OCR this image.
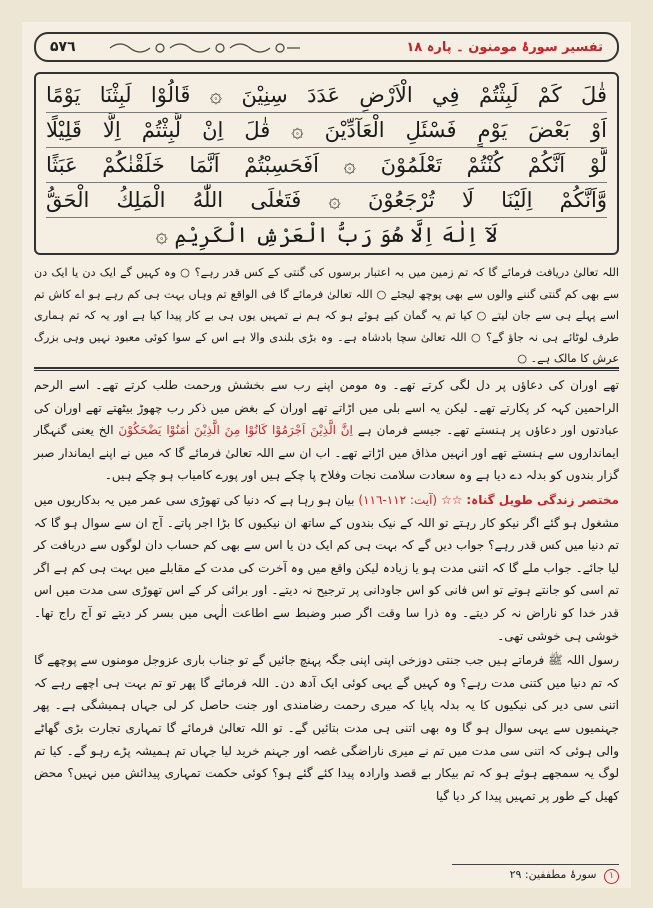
۵۷٦	تفسیر سورۂ مومنون ۔ پارہ ١٨
قٰلَ كَمْ لَبِثْتُمْ فِي الْاَرْضِ عَدَدَ سِنِيْنَ ۞ قَالُوْا لَبِثْنَا يَوْمًا
اَوْ بَعْضَ يَوْمٍ فَسْئَلِ الْعَآدِّيْنَ ۞ قٰلَ اِنْ لَّبِثْتُمْ اِلَّا قَلِيْلًا
لَّوْ اَنَّكُمْ كُنْتُمْ تَعْلَمُوْنَ ۞ اَفَحَسِبْتُمْ اَنَّمَا خَلَقْنٰكُمْ عَبَثًا
وَّاَنَّكُمْ اِلَيْنَا لَا تُرْجَعُوْنَ ۞ فَتَعٰلَى اللّٰهُ الْمَلِكُ الْحَقُّ
لَآ اِلٰهَ اِلَّا هُوَ رَبُّ الْعَرْشِ الْكَرِيْمِ ۞

اللہ تعالیٰ دریافت فرمائے گا کہ تم زمین میں بہ اعتبار برسوں کی گنتی کے کس قدر رہے؟ ○ وہ کہیں گے ایک دن یا ایک دن سے بھی کم گنتی گننے والوں سے بھی پوچھ لیجئے ○ اللہ تعالیٰ فرمائے گا فی الواقع تم وہاں بہت ہی کم رہے ہو اے کاش تم اسے پہلے ہی سے جان لیتے ○ کیا تم یہ گمان کیے ہوئے ہو کہ ہم نے تمہیں یوں ہی بے کار پیدا کیا ہے اور یہ کہ تم ہماری طرف لوٹائے ہی نہ جاؤ گے؟ ○ اللہ تعالیٰ سچا بادشاہ ہے۔ وہ بڑی بلندی والا ہے اس کے سوا کوئی معبود نہیں وہی بزرگ عرش کا مالک ہے۔ ○

تھے اوران کی دعاؤں پر دل لگی کرتے تھے۔ وہ مومن اپنے رب سے بخشش ورحمت طلب کرتے تھے۔ اسے الرحم الراحمین کہہ کر پکارتے تھے۔ لیکن یہ اسے بلی میں اڑاتے تھے اوران کے بغض میں ذکر رب چھوڑ بیٹھتے تھے اوران کی عبادتوں اور دعاؤں پر ہنستے تھے۔ جیسے فرمان ہے اِنَّ الَّذِيْنَ اَجْرَمُوْا كَانُوْا مِنَ الَّذِيْنَ اٰمَنُوْا يَضْحَكُوْنَ الخ یعنی گنہگار ایمانداروں سے ہنستے تھے اور انہیں مذاق میں اڑاتے تھے۔ اب ان سے اللہ تعالیٰ فرمائے گا کہ میں نے اپنے ایماندار صبر گزار بندوں کو بدلہ دے دیا ہے وہ سعادت سلامت نجات وفلاح پا چکے ہیں اور پورے کامیاب ہو چکے ہیں۔

مختصر زندگی طویل گناہ: ☆☆ (آیت: ١١٢-١١٦) بیان ہو رہا ہے کہ دنیا کی تھوڑی سی عمر میں یہ بدکاریوں میں مشغول ہو گئے اگر نیکو کار رہتے تو اللہ کے نیک بندوں کے ساتھ ان نیکیوں کا بڑا اجر پاتے۔ آج ان سے سوال ہو گا کہ تم دنیا میں کس قدر رہے؟ جواب دیں گے کہ بہت ہی کم ایک دن یا اس سے بھی کم حساب دان لوگوں سے دریافت کر لیا جائے۔ جواب ملے گا کہ اتنی مدت ہو یا زیادہ لیکن واقع میں وہ آخرت کی مدت کے مقابلے میں بہت ہی کم ہے اگر تم اسی کو جانتے ہوتے تو اس فانی کو اس جاودانی پر ترجیح نہ دیتے۔ اور برائی کر کے اس تھوڑی سی مدت میں اس قدر خدا کو ناراض نہ کر دیتے۔ وہ ذرا سا وقت اگر صبر وضبط سے اطاعت الٰہی میں بسر کر دیتے تو آج راج تھا۔ خوشی ہی خوشی تھی۔

رسول اللہ ﷺ فرماتے ہیں جب جنتی دوزخی اپنی اپنی جگہ پہنچ جائیں گے تو جناب باری عزوجل مومنوں سے پوچھے گا کہ تم دنیا میں کتنی مدت رہے؟ وہ کہیں گے یہی کوئی ایک آدھ دن۔ اللہ فرمائے گا پھر تو تم بہت ہی اچھے رہے کہ اتنی سی دیر کی نیکیوں کا یہ بدلہ پایا کہ میری رحمت رضامندی اور جنت حاصل کر لی جہاں ہمیشگی ہے۔ پھر جہنمیوں سے یہی سوال ہو گا وہ بھی اتنی ہی مدت بتائیں گے۔ تو اللہ تعالیٰ فرمائے گا تمہاری تجارت بڑی گھاٹے والی ہوئی کہ اتنی سی مدت میں تم نے میری ناراضگی غصہ اور جہنم خرید لیا جہاں تم ہمیشہ پڑے رہو گے۔ کیا تم لوگ یہ سمجھے ہوئے ہو کہ تم بیکار بے قصد وارادہ پیدا کئے گئے ہو؟ کوئی حکمت تمہاری پیدائش میں نہیں؟ محض کھیل کے طور پر تمہیں پیدا کر دیا گیا

١ سورۂ مطففین: ٢٩
